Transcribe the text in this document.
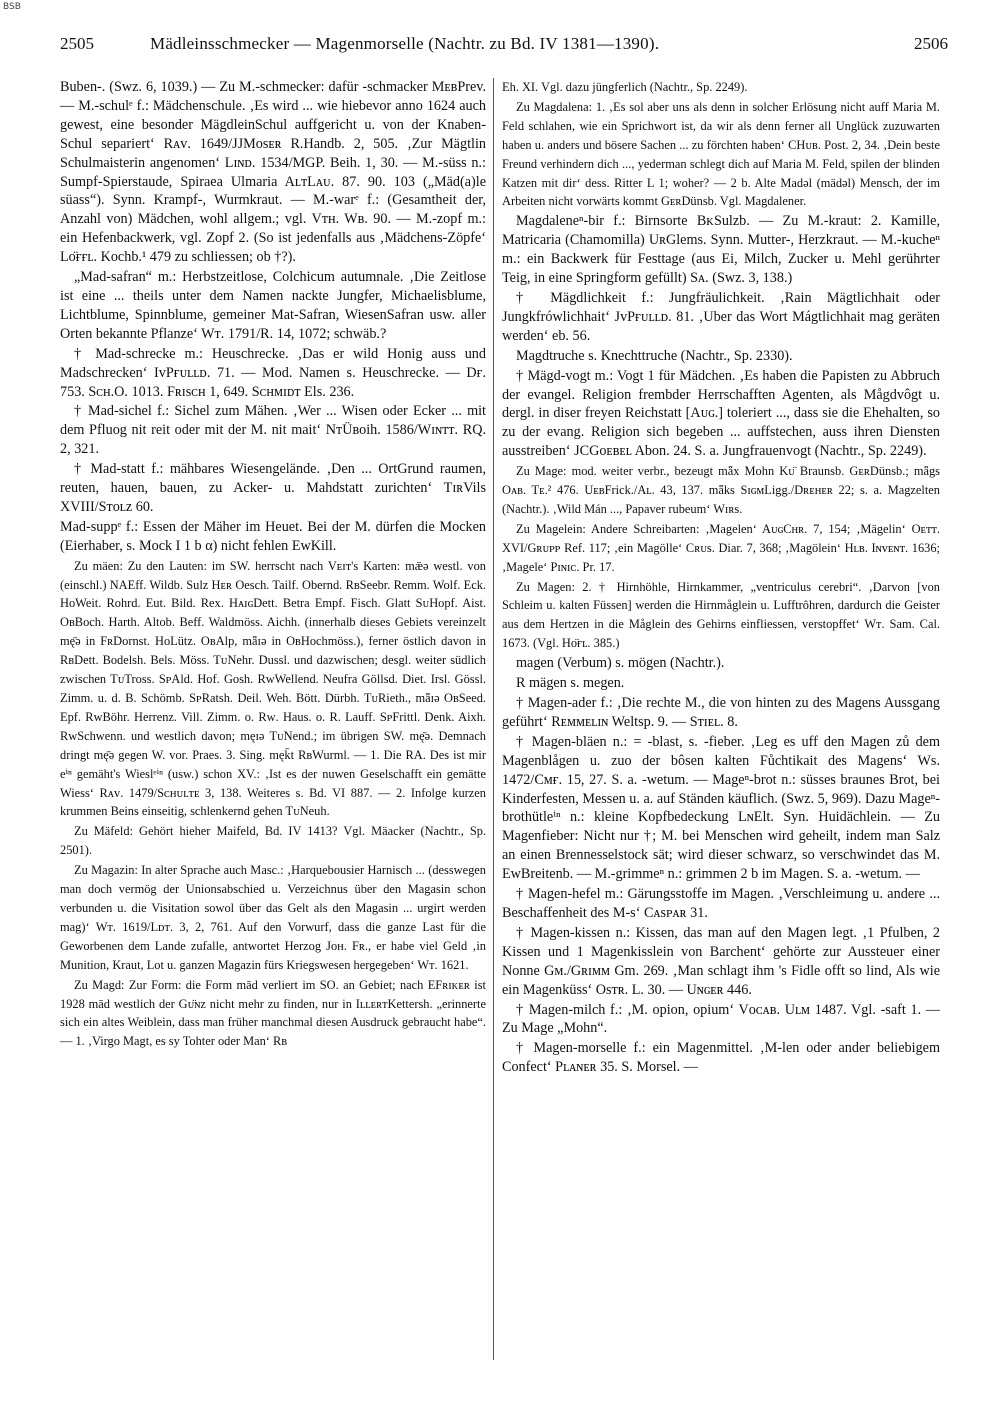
BSB
2505	Mädleinsschmecker — Magenmorselle (Nachtr. zu Bd. IV 1381—1390).	2506

Buben-. (Swz. 6, 1039.) — Zu M.-schmecker: dafür -schmacker MᴇʙPrev. — M.-schulᵉ f.: Mädchenschule. ‚Es wird ... wie hiebevor anno 1624 auch gewest, eine besonder MägdleinSchul auffgericht u. von der Knaben-Schul separiert‘ Rᴀᴠ. 1649/JJMᴏsᴇʀ R.Handb. 2, 505. ‚Zur Mägtlin Schulmaisterin angenomen‘ Lɪɴᴅ. 1534/MGP. Beih. 1, 30. — M.-süss n.: Sumpf-Spierstaude, Spiraea Ulmaria AʟᴛLᴀᴜ. 87. 90. 103 („Mäd(a)le süass“). Synn. Krampf-, Wurmkraut. — M.-warᵉ f.: (Gesamtheit der, Anzahl von) Mädchen, wohl allgem.; vgl. Vᴛʜ. Wʙ. 90. — M.-zopf m.: ein Hefenbackwerk, vgl. Zopf 2. (So ist jedenfalls aus ‚Mädchens-Zöpfe‘ Lᴏ̈ғғʟ. Kochb.¹ 479 zu schliessen; ob †?).

„Mad-safran“ m.: Herbstzeitlose, Colchicum autumnale. ‚Die Zeitlose ist eine ... theils unter dem Namen nackte Jungfer, Michaelisblume, Lichtblume, Spinnblume, gemeiner Mat-Safran, WiesenSafran usw. aller Orten bekannte Pflanze‘ Wᴛ. 1791/R. 14, 1072; schwäb.?

† Mad-schrecke m.: Heuschrecke. ‚Das er wild Honig auss und Madschrecken‘ IᴠPғᴜʟʟᴅ. 71. — Mod. Namen s. Heuschrecke. — Dғ. 753. Sᴄʜ.O. 1013. Fʀɪsᴄʜ 1, 649. Sᴄʜᴍɪᴅᴛ Els. 236.

† Mad-sichel f.: Sichel zum Mähen. ‚Wer ... Wisen oder Ecker ... mit dem Pfluog nit reit oder mit der M. nit mait‘ NᴛÜʙoih. 1586/Wɪɴᴛᴛ. RQ. 2, 321.

† Mad-statt f.: mähbares Wiesengelände. ‚Den ... OrtGrund raumen, reuten, hauen, bauen, zu Acker- u. Mahdstatt zurichten‘ TɪʀVils XVIII/Sᴛᴏʟᴢ 60.

Mad-suppᵉ f.: Essen der Mäher im Heuet. Bei der M. dürfen die Mocken (Eierhaber, s. Mock I 1 b α) nicht fehlen EwKill.

Zu mäen: Zu den Lauten: im SW. herrscht nach Vᴇɪᴛ's Karten: mǣə westl. von (einschl.) NAEff. Wildb. Sulz Hᴇʀ Oesch. Tailf. Obernd. RʙSeebr. Remm. Wolf. Eck. HoWeit. Rohrd. Eut. Bild. Rex. HᴀɪɢDett. Betra Empf. Fisch. Glatt SᴜHopf. Aist. OʙBoch. Harth. Altob. Beff. Waldmöss. Aichh. (innerhalb dieses Gebiets vereinzelt mę̄ə in FʀDornst. HoLütz. OʙAlp, mǟɪə in OʙHochmöss.), ferner östlich davon in RʙDett. Bodelsh. Bels. Möss. TᴜNehr. Dussl. und dazwischen; desgl. weiter südlich zwischen TᴜTross. SᴘAld. Hof. Gosh. RᴡWellend. Neufra Göllsd. Diet. Irsl. Gössl. Zimm. u. d. B. Schömb. SᴘRatsh. Deil. Weh. Bött. Dürbh. TᴜRieth., mǟɪə OʙSeed. Epf. RᴡBöhr. Herrenz. Vill. Zimm. o. Rᴡ. Haus. o. R. Lauff. SᴘFrittl. Denk. Aixh. RᴡSchwenn. und westlich davon; męɪə TᴜNend.; im übrigen SW. mę̄ə. Demnach dringt mę̄ə gegen W. vor. Praes. 3. Sing. męk̄t RʙWurml. — 1. Die RA. Des ist mir eⁱⁿ gemäht's Wieslᵉⁱⁿ (usw.) schon XV.: ‚Ist es der nuwen Geselschafft ein gemätte Wiess‘ Rᴀᴠ. 1479/Sᴄʜᴜʟᴛᴇ 3, 138. Weiteres s. Bd. VI 887. — 2. Infolge kurzen krummen Beins einseitig, schlenkernd gehen TᴜNeuh.

Zu Mäfeld: Gehört hieher Maifeld, Bd. IV 1413? Vgl. Mäacker (Nachtr., Sp. 2501).

Zu Magazin: In alter Sprache auch Masc.: ‚Harquebousier Harnisch ... (desswegen man doch vermög der Unionsabschied u. Verzeichnus über den Magasin schon verbunden u. die Visitation sowol über das Gelt als den Magasin ... urgirt werden mag)‘ Wᴛ. 1619/Lᴅᴛ. 3, 2, 761. Auf den Vorwurf, dass die ganze Last für die Geworbenen dem Lande zufalle, antwortet Herzog Jᴏʜ. Fʀ., er habe viel Geld ‚in Munition, Kraut, Lot u. ganzen Magazin fürs Kriegswesen hergegeben‘ Wᴛ. 1621.

Zu Magd: Zur Form: die Form mād verliert im SO. an Gebiet; nach EFʀɪᴋᴇʀ ist 1928 mād westlich der Gᴜ̈ɴᴢ nicht mehr zu finden, nur in IʟʟᴇʀᴛKettersh. „erinnerte sich ein altes Weiblein, dass man früher manchmal diesen Ausdruck gebraucht habe“. — 1. ‚Virgo Magt, es sy Tohter oder Man‘ Rʙ

Eh. XI. Vgl. dazu jüngferlich (Nachtr., Sp. 2249).

Zu Magdalena: 1. ‚Es sol aber uns als denn in solcher Erlösung nicht auff Maria M. Feld schlahen, wie ein Sprichwort ist, da wir als denn ferner all Unglück zuzuwarten haben u. anders und bösere Sachen ... zu förchten haben‘ CHᴜʙ. Post. 2, 34. ‚Dein beste Freund verhindern dich ..., yederman schlegt dich auf Maria M. Feld, spilen der blinden Katzen mit dir‘ dess. Ritter L 1; woher? — 2 b. Alte Madəl (mädəl) Mensch, der im Arbeiten nicht vorwärts kommt GᴇʀDünsb. Vgl. Magdalener.

Magdaleneⁿ-bir f.: Birnsorte BᴋSulzb. — Zu M.-kraut: 2. Kamille, Matricaria (Chamomilla) UʀGlems. Synn. Mutter-, Herzkraut. — M.-kucheⁿ m.: ein Backwerk für Festtage (aus Ei, Milch, Zucker u. Mehl gerührter Teig, in eine Springform gefüllt) Sᴀ. (Swz. 3, 138.)

† Mägdlichkeit f.: Jungfräulichkeit. ‚Rain Mägtlichhait oder Jungkfrówlichhait‘ JᴠPғᴜʟʟᴅ. 81. ‚Uber das Wort Mágtlichhait mag geräten werden‘ eb. 56.

Magdtruche s. Knechttruche (Nachtr., Sp. 2330).

† Mägd-vogt m.: Vogt 1 für Mädchen. ‚Es haben die Papisten zu Abbruch der evangel. Religion frembder Herrschafften Agenten, als Mågdvôgt u. dergl. in diser freyen Reichstatt [Aᴜɢ.] toleriert ..., dass sie die Ehehalten, so zu der evang. Religion sich begeben ... auffstechen, auss ihren Diensten ausstreiben‘ JCGᴏᴇʙᴇʟ Abon. 24. S. a. Jungfrauenvogt (Nachtr., Sp. 2249).

Zu Mage: mod. weiter verbr., bezeugt mǟx Mohn Kᴜ̈ Braunsb. GᴇʀDünsb.; mǟgs Oᴀʙ. Tᴇ.² 476. UᴇʙFrick./Aʟ. 43, 137. mǟks SɪɢᴍLigg./Dʀᴇʜᴇʀ 22; s. a. Magzelten (Nachtr.). ‚Wild Mán ..., Papaver rubeum‘ Wɪʀs.

Zu Magelein: Andere Schreibarten: ‚Magelen‘ AᴜɢCʜʀ. 7, 154; ‚Mägelin‘ Oᴇᴛᴛ. XVI/Gʀᴜᴘᴘ Ref. 117; ‚ein Magölle‘ Cʀᴜs. Diar. 7, 368; ‚Magölein‘ Hʟʙ. Iɴᴠᴇɴᴛ. 1636; ‚Magele‘ Pɪɴɪᴄ. Pr. 17.

Zu Magen: 2. † Hirnhöhle, Hirnkammer, „ventriculus cerebri“. ‚Darvon [von Schleim u. kalten Füssen] werden die Hirnmåglein u. Lufftrôhren, dardurch die Geister aus dem Hertzen in die Måglein des Gehirns einfliessen, verstopffet‘ Wᴛ. Sam. Cal. 1673. (Vgl. Hᴏ̈ғʟ. 385.)

magen (Verbum) s. mögen (Nachtr.).

R mägen s. megen.

† Magen-ader f.: ‚Die rechte M., die von hinten zu des Magens Aussgang geführt‘ Rᴇᴍᴍᴇʟɪɴ Weltsp. 9. — Sᴛɪᴇʟ. 8.

† Magen-bläen n.: = -blast, s. -fieber. ‚Leg es uff den Magen zů dem Magenblågen u. zuo der bôsen kalten Fůchtikait des Magens‘ Ws. 1472/Cᴍғ. 15, 27. S. a. -wetum. — Mageⁿ-brot n.: süsses braunes Brot, bei Kinderfesten, Messen u. a. auf Ständen käuflich. (Swz. 5, 969). Dazu Mageⁿ-brothütleⁱⁿ n.: kleine Kopfbedeckung LɴElt. Syn. Huidächlein. — Zu Magenfieber: Nicht nur †; M. bei Menschen wird geheilt, indem man Salz an einen Brennesselstock sät; wird dieser schwarz, so verschwindet das M. EwBreitenb. — M.-grimmeⁿ n.: grimmen 2 b im Magen. S. a. -wetum. —

† Magen-hefel m.: Gärungsstoffe im Magen. ‚Verschleimung u. andere ... Beschaffenheit des M-s‘ Cᴀsᴘᴀʀ 31.

† Magen-kissen n.: Kissen, das man auf den Magen legt. ‚1 Pfulben, 2 Kissen und 1 Magenkisslein von Barchent‘ gehörte zur Aussteuer einer Nonne Gᴍ./Gʀɪᴍᴍ Gm. 269. ‚Man schlagt ihm 's Fidle offt so lind, Als wie ein Magenküss‘ Osᴛʀ. L. 30. — Uɴɢᴇʀ 446.

† Magen-milch f.: ‚M. opion, opium‘ Vᴏᴄᴀʙ. Uʟᴍ 1487. Vgl. -saft 1. — Zu Mage „Mohn“.

† Magen-morselle f.: ein Magenmittel. ‚M-len oder ander beliebigem Confect‘ Pʟᴀɴᴇʀ 35. S. Morsel. —
